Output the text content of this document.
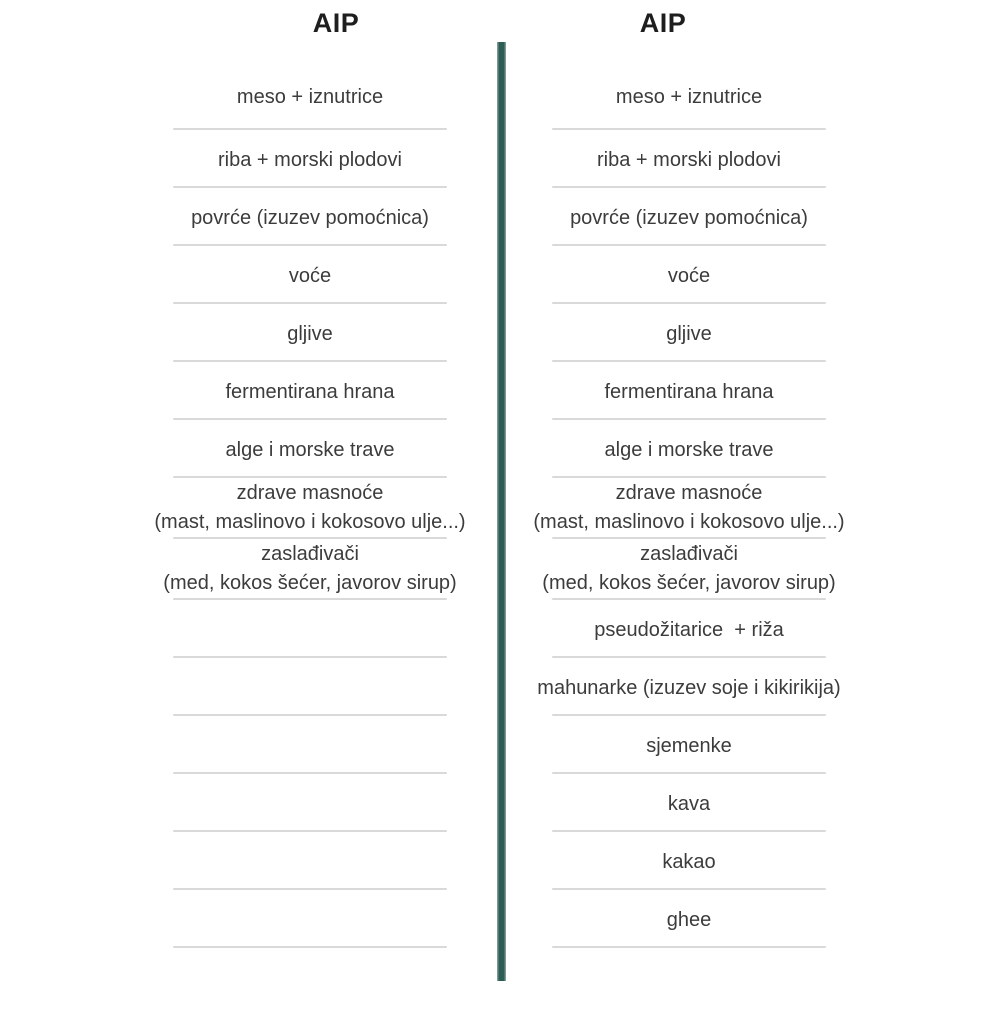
AIP
meso + iznutrice
riba + morski plodovi
povrće (izuzev pomoćnica)
voće
gljive
fermentirana hrana
alge i morske trave
zdrave masnoće
(mast, maslinovo i kokosovo ulje...)
zaslađivači
(med, kokos šećer, javorov sirup)
AIP
meso + iznutrice
riba + morski plodovi
povrće (izuzev pomoćnica)
voće
gljive
fermentirana hrana
alge i morske trave
zdrave masnoće
(mast, maslinovo i kokosovo ulje...)
zaslađivači
(med, kokos šećer, javorov sirup)
pseudožitarice  + riža
mahunarke (izuzev soje i kikirikija)
sjemenke
kava
kakao
ghee
